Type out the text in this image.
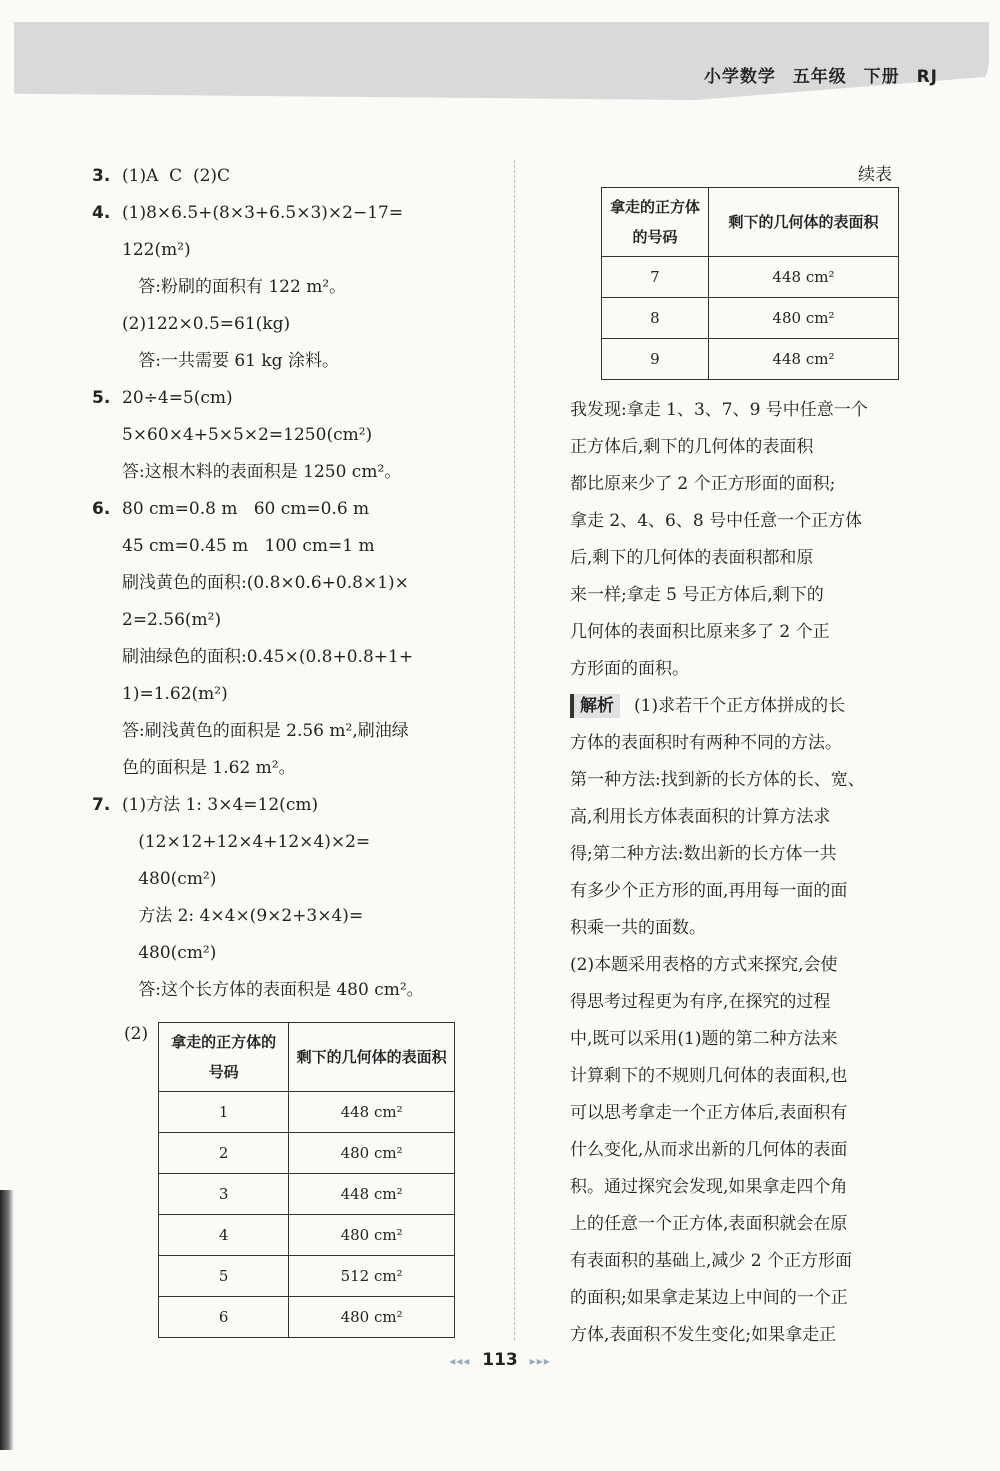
小学数学 五年级 下册 RJ
3. (1)A  C  (2)C
4. (1)8×6.5+(8×3+6.5×3)×2−17=
122(m²)
答:粉刷的面积有 122 m²。
(2)122×0.5=61(kg)
答:一共需要 61 kg 涂料。
5. 20÷4=5(cm)
5×60×4+5×5×2=1250(cm²)
答:这根木料的表面积是 1250 cm²。
6. 80 cm=0.8 m   60 cm=0.6 m
45 cm=0.45 m   100 cm=1 m
刷浅黄色的面积:(0.8×0.6+0.8×1)×
2=2.56(m²)
刷油绿色的面积:0.45×(0.8+0.8+1+
1)=1.62(m²)
答:刷浅黄色的面积是 2.56 m²,刷油绿
色的面积是 1.62 m²。
7. (1)方法 1: 3×4=12(cm)
(12×12+12×4+12×4)×2=
480(cm²)
方法 2: 4×4×(9×2+3×4)=
480(cm²)
答:这个长方体的表面积是 480 cm²。
(2) 拿走的正方体的号码	剩下的几何体的表面积
1	448 cm²
2	480 cm²
3	448 cm²
4	480 cm²
5	512 cm²
6	480 cm²
续表
拿走的正方体的号码	剩下的几何体的表面积
7	448 cm²
8	480 cm²
9	448 cm²
我发现:拿走 1、3、7、9 号中任意一个
正方体后,剩下的几何体的表面积
都比原来少了 2 个正方形面的面积;
拿走 2、4、6、8 号中任意一个正方体
后,剩下的几何体的表面积都和原
来一样;拿走 5 号正方体后,剩下的
几何体的表面积比原来多了 2 个正
方形面的面积。
解析 (1)求若干个正方体拼成的长
方体的表面积时有两种不同的方法。
第一种方法:找到新的长方体的长、宽、
高,利用长方体表面积的计算方法求
得;第二种方法:数出新的长方体一共
有多少个正方形的面,再用每一面的面
积乘一共的面数。
(2)本题采用表格的方式来探究,会使
得思考过程更为有序,在探究的过程
中,既可以采用(1)题的第二种方法来
计算剩下的不规则几何体的表面积,也
可以思考拿走一个正方体后,表面积有
什么变化,从而求出新的几何体的表面
积。通过探究会发现,如果拿走四个角
上的任意一个正方体,表面积就会在原
有表面积的基础上,减少 2 个正方形面
的面积;如果拿走某边上中间的一个正
方体,表面积不发生变化;如果拿走正
◂◂◂ 113 ▸▸▸
